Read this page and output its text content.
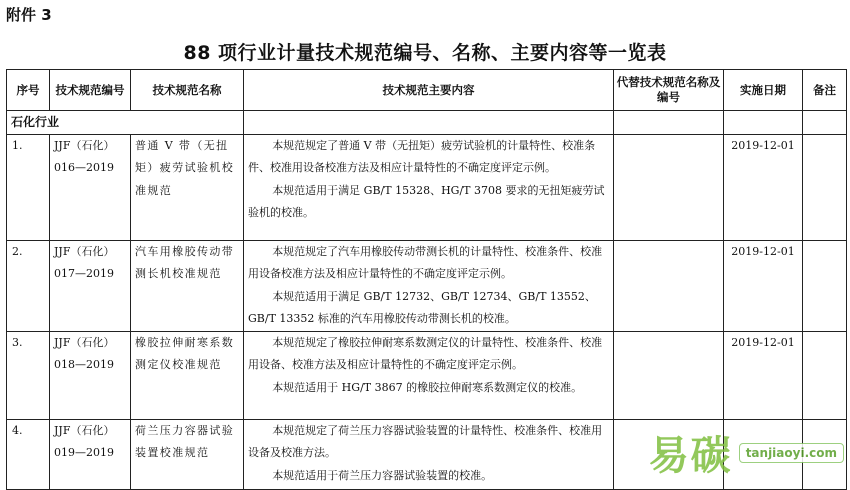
附件 3
88 项行业计量技术规范编号、名称、主要内容等一览表
序号	技术规范编号	技术规范名称	技术规范主要内容	代替技术规范名称及编号	实施日期	备注
石化行业						
1.	JJF（石化）016—2019	普通 V 带（无扭矩）疲劳试验机校准规范	本规范规定了普通 V 带（无扭矩）疲劳试验机的计量特性、校准条件、校准用设备校准方法及相应计量特性的不确定度评定示例。

本规范适用于满足 GB/T 15328、HG/T 3708 要求的无扭矩疲劳试验机的校准。		2019-12-01	
2.	JJF（石化）017—2019	汽车用橡胶传动带测长机校准规范	本规范规定了汽车用橡胶传动带测长机的计量特性、校准条件、校准用设备校准方法及相应计量特性的不确定度评定示例。

本规范适用于满足 GB/T 12732、GB/T 12734、GB/T 13552、GB/T 13352 标准的汽车用橡胶传动带测长机的校准。		2019-12-01	
3.	JJF（石化）018—2019	橡胶拉伸耐寒系数测定仪校准规范	本规范规定了橡胶拉伸耐寒系数测定仪的计量特性、校准条件、校准用设备、校准方法及相应计量特性的不确定度评定示例。

本规范适用于 HG/T 3867 的橡胶拉伸耐寒系数测定仪的校准。		2019-12-01	
4.	JJF（石化）019—2019	荷兰压力容器试验装置校准规范	本规范规定了荷兰压力容器试验装置的计量特性、校准条件、校准用设备及校准方法。

本规范适用于荷兰压力容器试验装置的校准。			

				易碳	tanjiaoyi.com
